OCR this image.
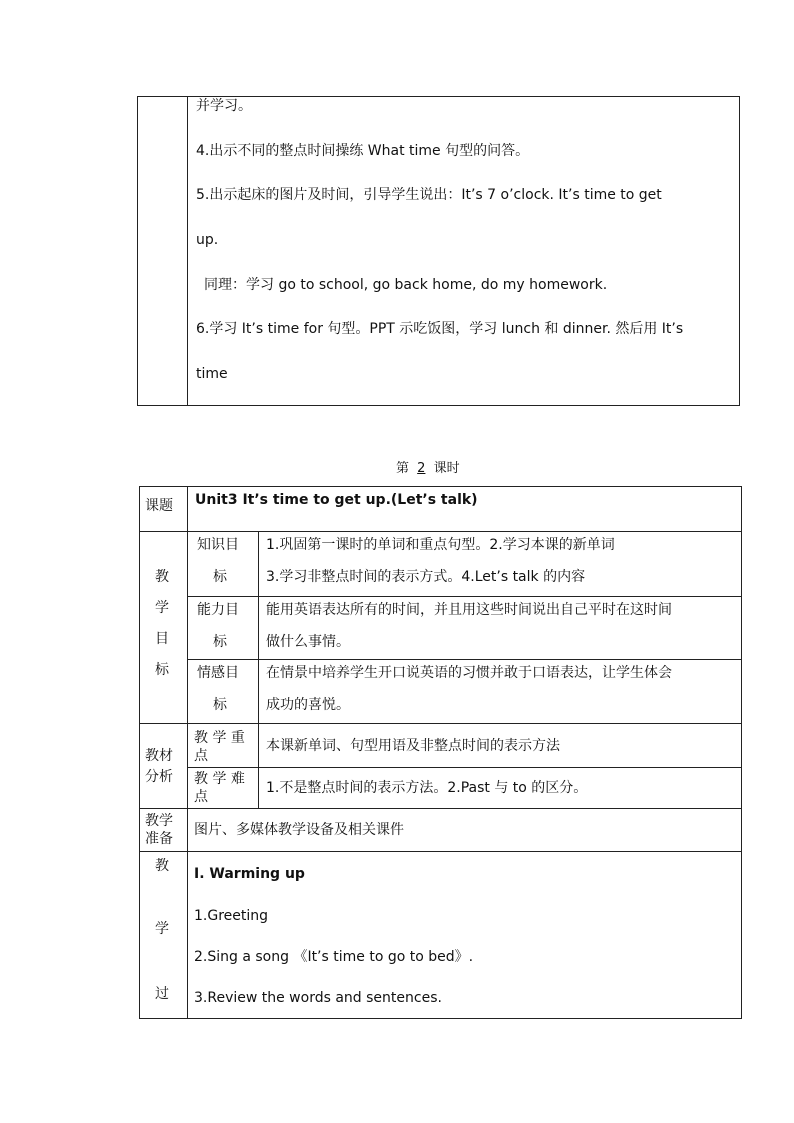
并学习。
4.出示不同的整点时间操练 What time 句型的问答。
5.出示起床的图片及时间，引导学生说出：It’s 7 o’clock. It’s time to get
up.
同理：学习 go to school, go back home, do my homework.
6.学习 It’s time for 句型。PPT 示吃饭图，学习 lunch 和 dinner. 然后用 It’s
time
第 2 课时
课题 Unit3 It’s time to get up.(Let’s talk)
教
学
目
标
知识目
标
1.巩固第一课时的单词和重点句型。2.学习本课的新单词
3.学习非整点时间的表示方式。4.Let’s talk 的内容
能力目
标
能用英语表达所有的时间，并且用这些时间说出自己平时在这时间
做什么事情。
情感目
标
在情景中培养学生开口说英语的习惯并敢于口语表达，让学生体会
成功的喜悦。
教材
分析
教 学 重
点
本课新单词、句型用语及非整点时间的表示方法
教 学 难
点
1.不是整点时间的表示方法。2.Past 与 to 的区分。
教学
准备
图片、多媒体教学设备及相关课件
教
学
过
I. Warming up
1.Greeting
2.Sing a song 《It’s time to go to bed》.
3.Review the words and sentences.
